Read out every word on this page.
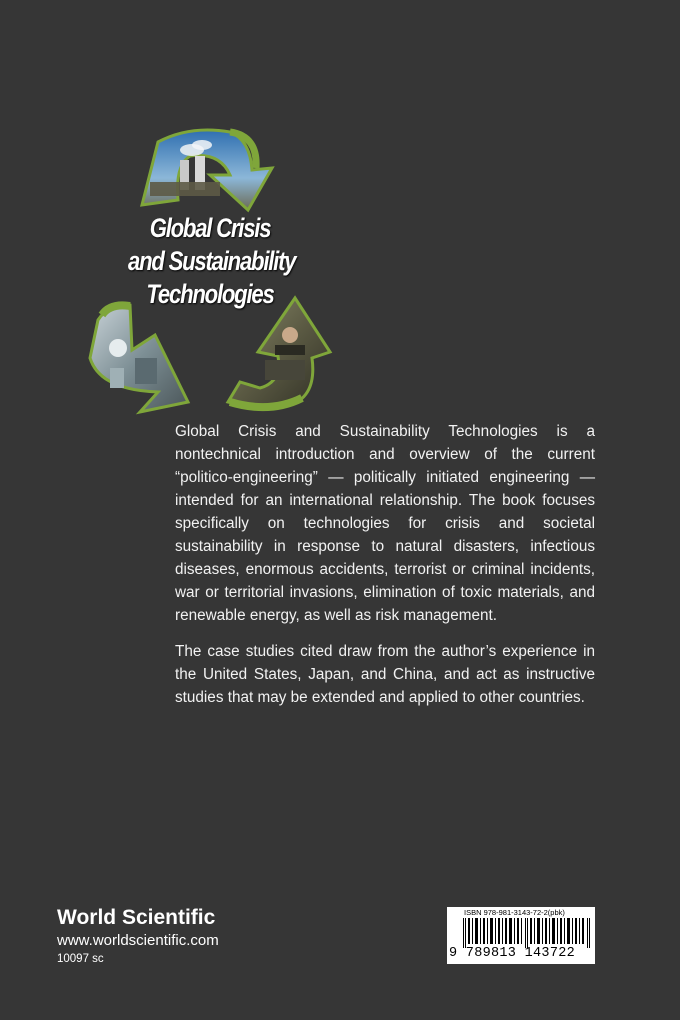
Global Crisis
and Sustainability
Technologies

Global Crisis and Sustainability Technologies is a nontechnical introduction and overview of the current “politico-engineering” — politically initiated engineering — intended for an international relationship. The book focuses specifically on technologies for crisis and societal sustainability in response to natural disasters, infectious diseases, enormous accidents, terrorist or criminal incidents, war or territorial invasions, elimination of toxic materials, and renewable energy, as well as risk management.

The case studies cited draw from the author’s experience in the United States, Japan, and China, and act as instructive studies that may be extended and applied to other countries.

World Scientific
www.worldscientific.com
10097 sc
ISBN 978-981-3143-72-2(pbk)
9 789813 143722
